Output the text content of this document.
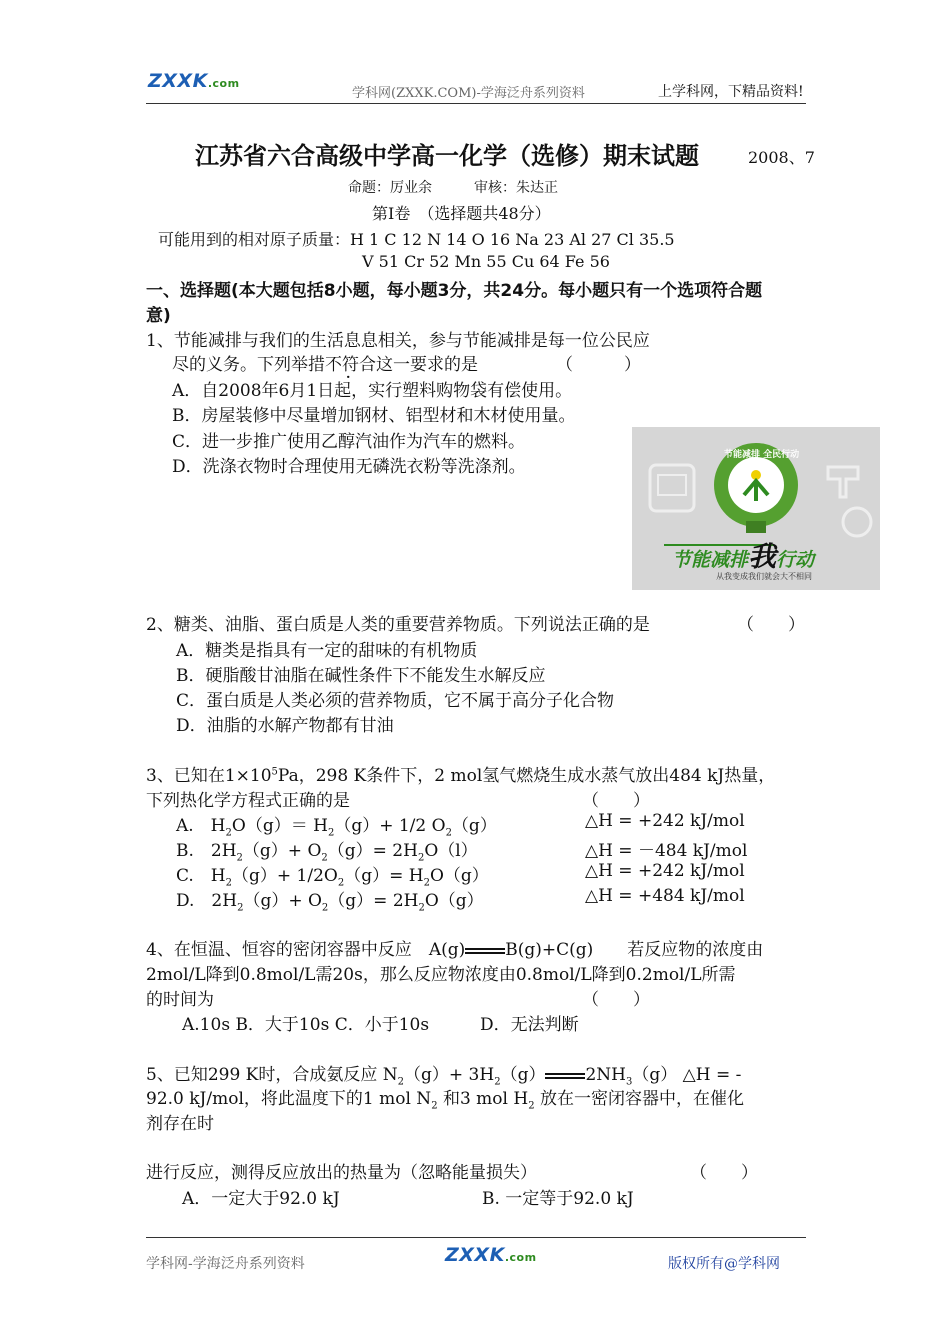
ZXXK.com
学科网(ZXXK.COM)-学海泛舟系列资料	上学科网，下精品资料!
江苏省六合高级中学高一化学（选修）期末试题	2008、7
命题：厉业余　　　审核：朱达正
第Ⅰ卷　（选择题共48分）
可能用到的相对原子质量：H 1 C 12 N 14 O 16 Na 23 Al 27 Cl 35.5
V 51 Cr 52 Mn 55 Cu 64 Fe 56
一、选择题(本大题包括8小题，每小题3分，共24分。每小题只有一个选项符合题
意)
1、节能减排与我们的生活息息相关，参与节能减排是每一位公民应
尽的义务。下列举措不符合这一要求的是	（　　　）
A．自2008年6月1日起，实行塑料购物袋有偿使用。
B．房屋装修中尽量增加钢材、铝型材和木材使用量。
C．进一步推广使用乙醇汽油作为汽车的燃料。
D．洗涤衣物时合理使用无磷洗衣粉等洗涤剂。
节能减排 全民行动
节能减排我行动
从我变成我们就会大不相同
2、糖类、油脂、蛋白质是人类的重要营养物质。下列说法正确的是	（　　）
A．糖类是指具有一定的甜味的有机物质
B．硬脂酸甘油脂在碱性条件下不能发生水解反应
C．蛋白质是人类必须的营养物质，它不属于高分子化合物
D．油脂的水解产物都有甘油
3、已知在$1\times 10^5Pa$，298 K条件下，2 mol氢气燃烧生成水蒸气放出484 kJ热量，
下列热化学方程式正确的是	（　　）
A.　$H_2O(g)= H_2(g)+ 1/2$ $O_2(g)$	△H = +242 kJ/mol
B.　$2H_2(g)+ O_2(g)= 2H_2O(l)$	△H = －484 kJ/mol
C.　$H_2(g)+ 1/2O_2(g)= H_2O(g)$	△H = +242 kJ/mol
D.　$2H_2(g)+ O_2(g)= 2H_2O(g)$	△H = +484 kJ/mol
4、在恒温、恒容的密闭容器中反应　A(g) B(g)+C(g)　　若反应物的浓度由
2mol/L降到0.8mol/L需20s，那么反应物浓度由0.8mol/L降到0.2mol/L所需
的时间为	（　　）
A.10s B．大于10s C．小于10s　　　D．无法判断
5、已知299 K时，合成氨反应 $N_2(g)+ 3H_2(g)$ $2NH_3(g)$ △H = -
92.0 kJ/mol，将此温度下的1 mol $N_2$ 和3 mol $H_2$ 放在一密闭容器中，在催化
剂存在时
进行反应，测得反应放出的热量为（忽略能量损失）	（　　）
A．一定大于92.0 kJ	B. 一定等于92.0 kJ
学科网-学海泛舟系列资料	ZXXK.com	版权所有@学科网
